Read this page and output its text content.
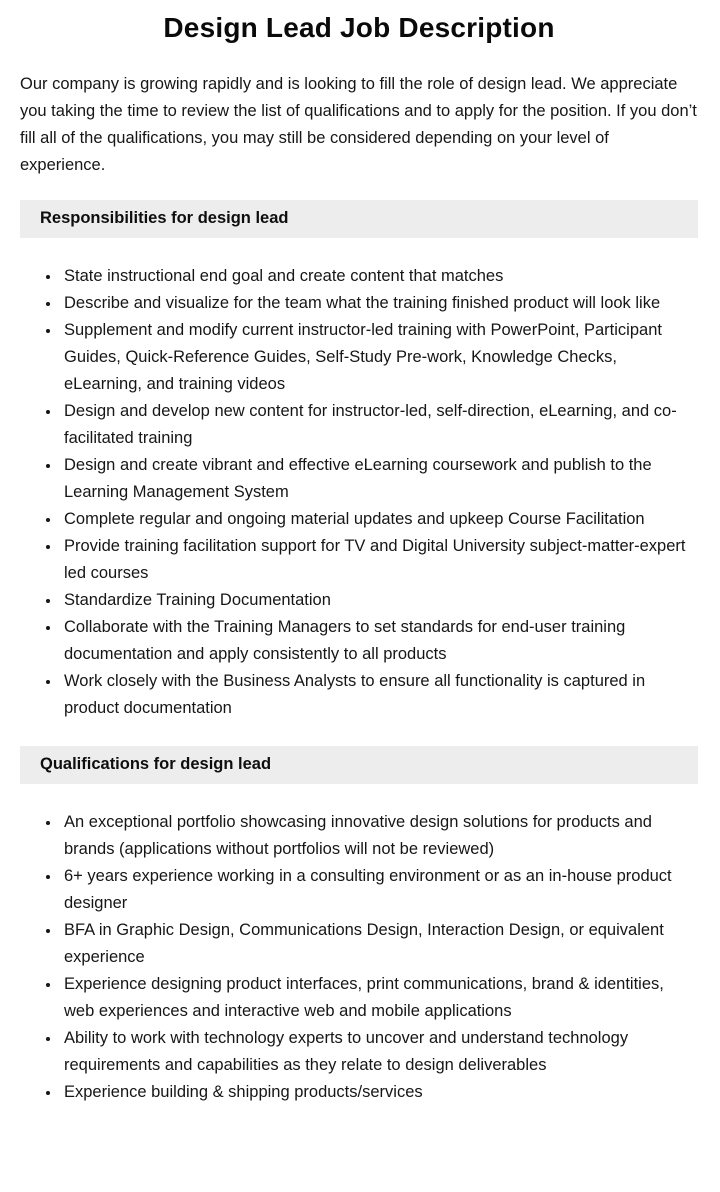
Design Lead Job Description

Our company is growing rapidly and is looking to fill the role of design lead. We appreciate you taking the time to review the list of qualifications and to apply for the position. If you don’t fill all of the qualifications, you may still be considered depending on your level of experience.

Responsibilities for design lead
• State instructional end goal and create content that matches
• Describe and visualize for the team what the training finished product will look like
• Supplement and modify current instructor-led training with PowerPoint, Participant Guides, Quick-Reference Guides, Self-Study Pre-work, Knowledge Checks, eLearning, and training videos
• Design and develop new content for instructor-led, self-direction, eLearning, and co-facilitated training
• Design and create vibrant and effective eLearning coursework and publish to the Learning Management System
• Complete regular and ongoing material updates and upkeep Course Facilitation
• Provide training facilitation support for TV and Digital University subject-matter-expert led courses
• Standardize Training Documentation
• Collaborate with the Training Managers to set standards for end-user training documentation and apply consistently to all products
• Work closely with the Business Analysts to ensure all functionality is captured in product documentation
Qualifications for design lead
• An exceptional portfolio showcasing innovative design solutions for products and brands (applications without portfolios will not be reviewed)
• 6+ years experience working in a consulting environment or as an in-house product designer
• BFA in Graphic Design, Communications Design, Interaction Design, or equivalent experience
• Experience designing product interfaces, print communications, brand & identities, web experiences and interactive web and mobile applications
• Ability to work with technology experts to uncover and understand technology requirements and capabilities as they relate to design deliverables
• Experience building & shipping products/services
